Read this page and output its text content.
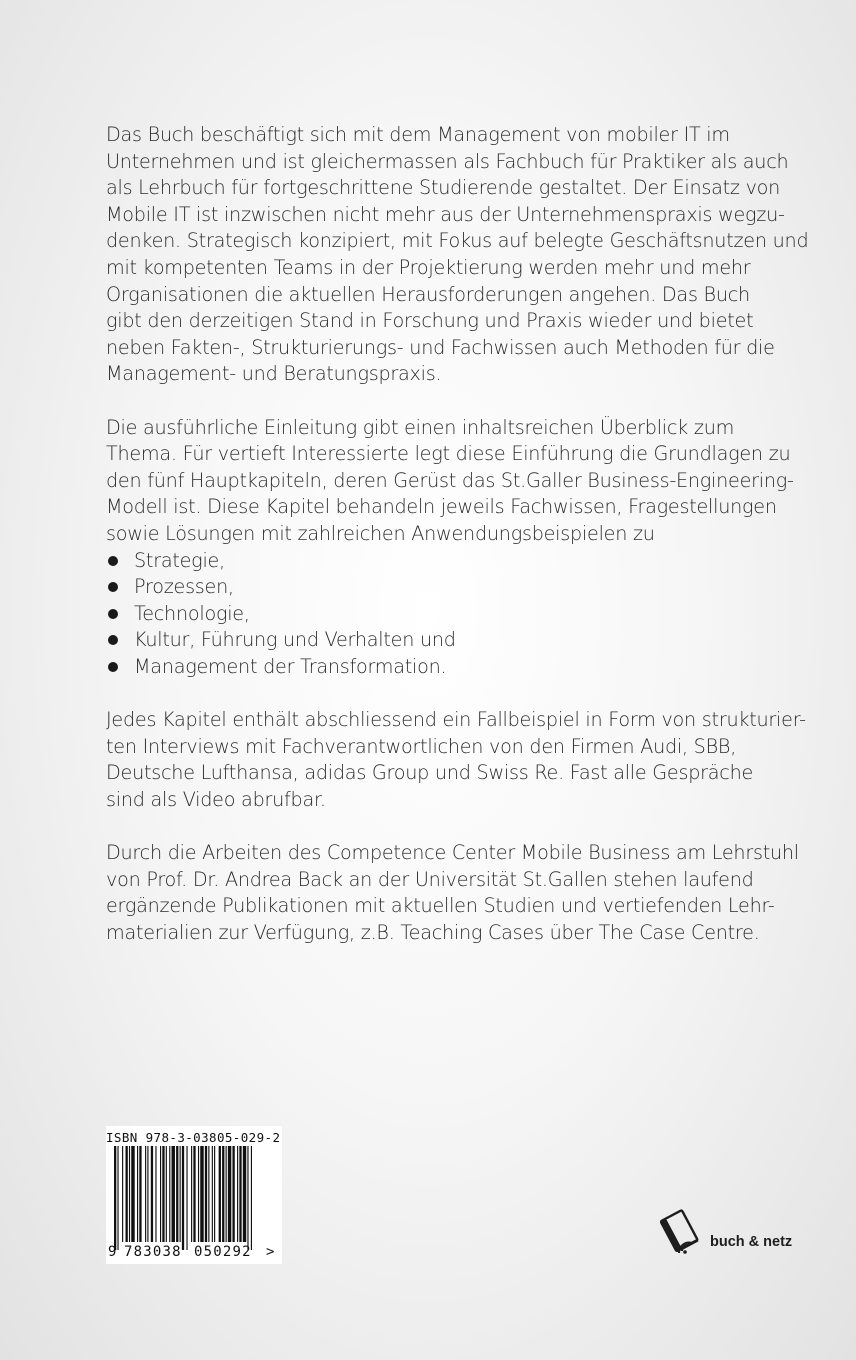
Das Buch beschäftigt sich mit dem Management von mobiler IT im
Unternehmen und ist gleichermassen als Fachbuch für Praktiker als auch
als Lehrbuch für fortgeschrittene Studierende gestaltet. Der Einsatz von
Mobile IT ist inzwischen nicht mehr aus der Unternehmenspraxis wegzu-
denken. Strategisch konzipiert, mit Fokus auf belegte Geschäftsnutzen und
mit kompetenten Teams in der Projektierung werden mehr und mehr
Organisationen die aktuellen Herausforderungen angehen. Das Buch
gibt den derzeitigen Stand in Forschung und Praxis wieder und bietet
neben Fakten-, Strukturierungs- und Fachwissen auch Methoden für die
Management- und Beratungspraxis.

Die ausführliche Einleitung gibt einen inhaltsreichen Überblick zum
Thema. Für vertieft Interessierte legt diese Einführung die Grundlagen zu
den fünf Hauptkapiteln, deren Gerüst das St.Galler Business-Engineering-
Modell ist. Diese Kapitel behandeln jeweils Fachwissen, Fragestellungen
sowie Lösungen mit zahlreichen Anwendungsbeispielen zu
Strategie,
Prozessen,
Technologie,
Kultur, Führung und Verhalten und
Management der Transformation.

Jedes Kapitel enthält abschliessend ein Fallbeispiel in Form von strukturier-
ten Interviews mit Fachverantwortlichen von den Firmen Audi, SBB,
Deutsche Lufthansa, adidas Group und Swiss Re. Fast alle Gespräche
sind als Video abrufbar.

Durch die Arbeiten des Competence Center Mobile Business am Lehrstuhl
von Prof. Dr. Andrea Back an der Universität St.Gallen stehen laufend
ergänzende Publikationen mit aktuellen Studien und vertiefenden Lehr-
materialien zur Verfügung, z.B. Teaching Cases über The Case Centre.

ISBN 978-3-03805-029-2
9 783038 050292 >
buch & netz
